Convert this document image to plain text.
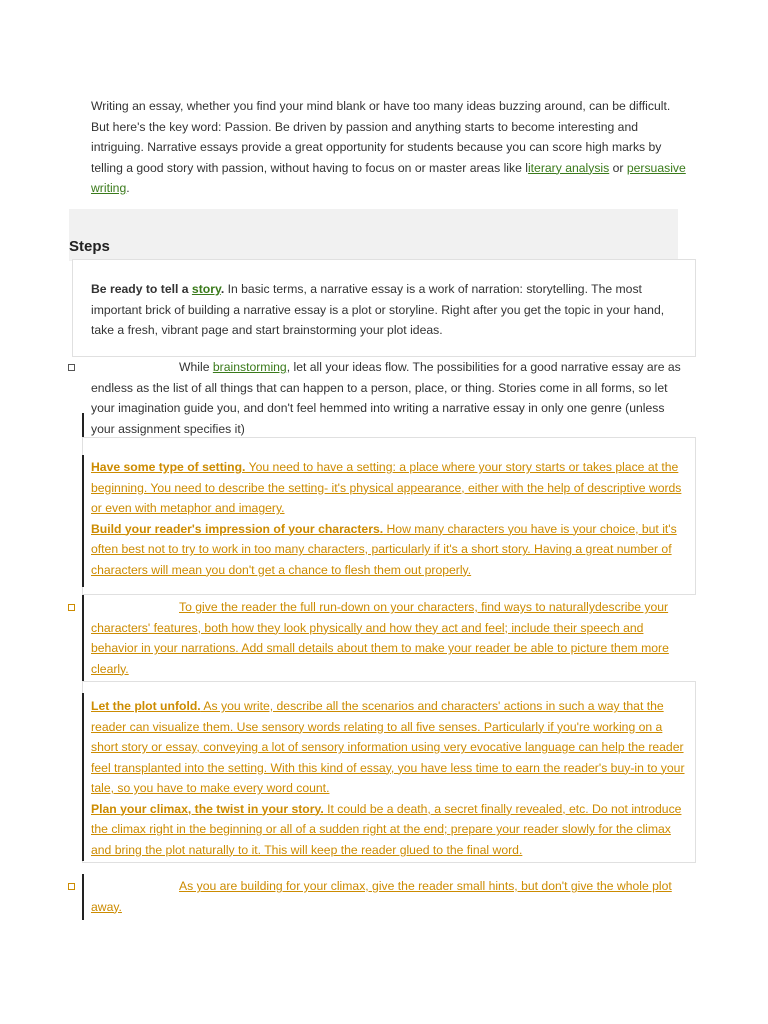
Writing an essay, whether you find your mind blank or have too many ideas buzzing around, can be difficult. But here's the key word: Passion. Be driven by passion and anything starts to become interesting and intriguing. Narrative essays provide a great opportunity for students because you can score high marks by telling a good story with passion, without having to focus on or master areas like literary analysis or persuasive writing.
Steps
Be ready to tell a story. In basic terms, a narrative essay is a work of narration: storytelling. The most important brick of building a narrative essay is a plot or storyline. Right after you get the topic in your hand, take a fresh, vibrant page and start brainstorming your plot ideas.
While brainstorming, let all your ideas flow. The possibilities for a good narrative essay are as endless as the list of all things that can happen to a person, place, or thing. Stories come in all forms, so let your imagination guide you, and don't feel hemmed into writing a narrative essay in only one genre (unless your assignment specifies it)

Have some type of setting. You need to have a setting: a place where your story starts or takes place at the beginning. You need to describe the setting- it's physical appearance, either with the help of descriptive words or even with metaphor and imagery.

Build your reader's impression of your characters. How many characters you have is your choice, but it's often best not to try to work in too many characters, particularly if it's a short story. Having a great number of characters will mean you don't get a chance to flesh them out properly.

To give the reader the full run-down on your characters, find ways to naturallydescribe your characters' features, both how they look physically and how they act and feel; include their speech and behavior in your narrations. Add small details about them to make your reader be able to picture them more clearly.

Let the plot unfold. As you write, describe all the scenarios and characters' actions in such a way that the reader can visualize them. Use sensory words relating to all five senses. Particularly if you're working on a short story or essay, conveying a lot of sensory information using very evocative language can help the reader feel transplanted into the setting. With this kind of essay, you have less time to earn the reader's buy-in to your tale, so you have to make every word count.

Plan your climax, the twist in your story. It could be a death, a secret finally revealed, etc. Do not introduce the climax right in the beginning or all of a sudden right at the end; prepare your reader slowly for the climax and bring the plot naturally to it. This will keep the reader glued to the final word.

As you are building for your climax, give the reader small hints, but don't give the whole plot away.
